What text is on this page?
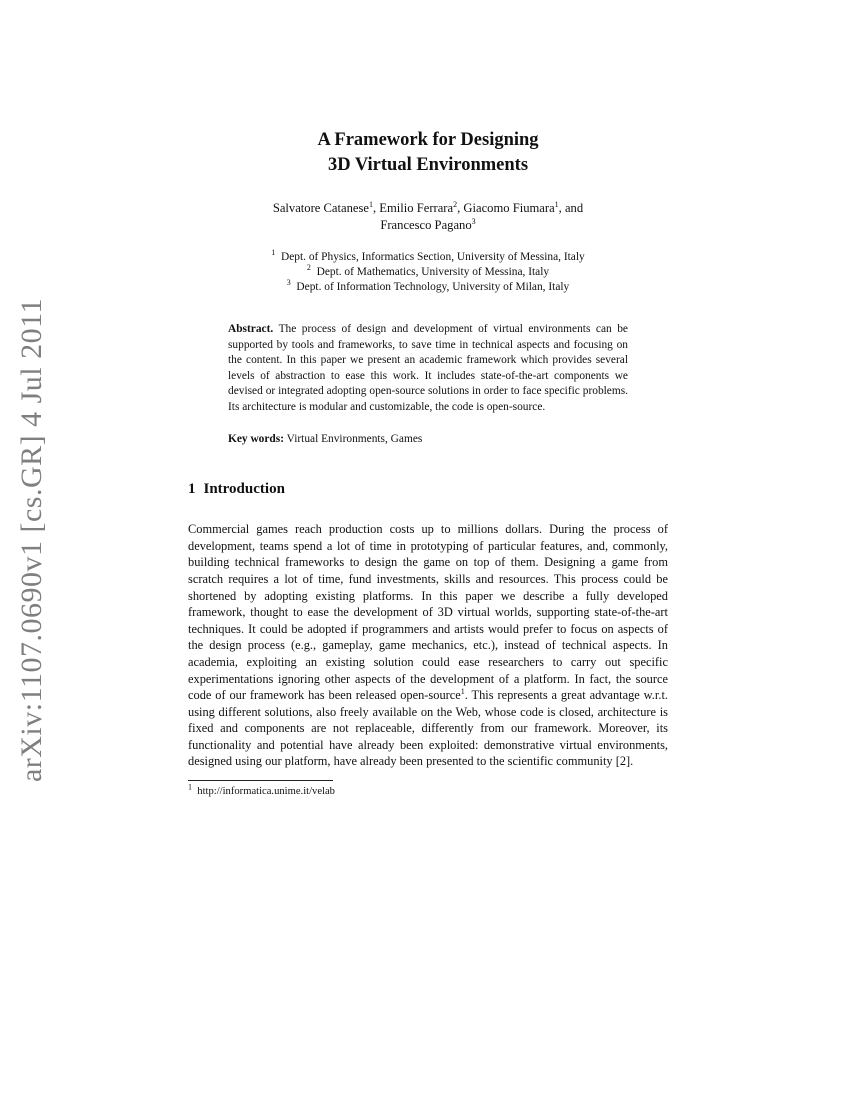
arXiv:1107.0690v1 [cs.GR] 4 Jul 2011
A Framework for Designing
3D Virtual Environments
Salvatore Catanese$^1$, Emilio Ferrara$^2$, Giacomo Fiumara$^1$, and
Francesco Pagano$^3$
$^1$ Dept. of Physics, Informatics Section, University of Messina, Italy
$^2$ Dept. of Mathematics, University of Messina, Italy
$^3$ Dept. of Information Technology, University of Milan, Italy
Abstract. The process of design and development of virtual environments can be supported by tools and frameworks, to save time in technical aspects and focusing on the content. In this paper we present an academic framework which provides several levels of abstraction to ease this work. It includes state-of-the-art components we devised or integrated adopting open-source solutions in order to face specific problems. Its architecture is modular and customizable, the code is open-source.
Key words: Virtual Environments, Games
1 Introduction
Commercial games reach production costs up to millions dollars. During the process of development, teams spend a lot of time in prototyping of particular features, and, commonly, building technical frameworks to design the game on top of them. Designing a game from scratch requires a lot of time, fund investments, skills and resources. This process could be shortened by adopting existing platforms. In this paper we describe a fully developed framework, thought to ease the development of 3D virtual worlds, supporting state-of-the-art techniques. It could be adopted if programmers and artists would prefer to focus on aspects of the design process (e.g., gameplay, game mechanics, etc.), instead of technical aspects. In academia, exploiting an existing solution could ease researchers to carry out specific experimentations ignoring other aspects of the development of a platform. In fact, the source code of our framework has been released open-source$^1$. This represents a great advantage w.r.t. using different solutions, also freely available on the Web, whose code is closed, architecture is fixed and components are not replaceable, differently from our framework. Moreover, its functionality and potential have already been exploited: demonstrative virtual environments, designed using our platform, have already been presented to the scientific community [2].
$^1$ http://informatica.unime.it/velab
